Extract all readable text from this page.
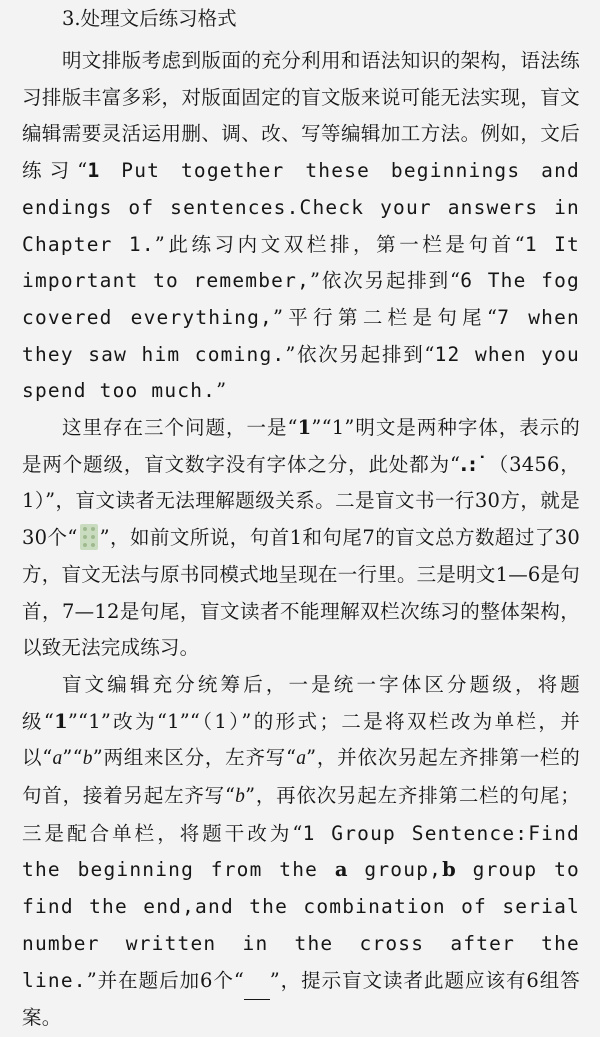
3.处理文后练习格式

明文排版考虑到版面的充分利用和语法知识的架构，语法练习排版丰富多彩，对版面固定的盲文版来说可能无法实现，盲文编辑需要灵活运用删、调、改、写等编辑加工方法。例如，文后练习“1 Put together these beginnings and endings of sentences.Check your answers in Chapter 1.”此练习内文双栏排，第一栏是句首“1 It important to remember,”依次另起排到“6 The fog covered everything,”平行第二栏是句尾“7 when they saw him coming.”依次另起排到“12 when you spend too much.”

这里存在三个问题，一是“1”“1”明文是两种字体，表示的是两个题级，盲文数字没有字体之分，此处都为“.:˙（3456，1）”，盲文读者无法理解题级关系。二是盲文书一行30方，就是30个“ ”，如前文所说，句首1和句尾7的盲文总方数超过了30方，盲文无法与原书同模式地呈现在一行里。三是明文1—6是句首，7—12是句尾，盲文读者不能理解双栏次练习的整体架构，以致无法完成练习。

盲文编辑充分统筹后，一是统一字体区分题级，将题级“1”“1”改为“1”“（1）”的形式；二是将双栏改为单栏，并以“a”“b”两组来区分，左齐写“a”，并依次另起左齐排第一栏的句首，接着另起左齐写“b”，再依次另起左齐排第二栏的句尾；三是配合单栏，将题干改为“1 Group Sentence:Find the beginning from the a group,b group to find the end,and the combination of serial number written in the cross after the line.”并在题后加6个“ ”，提示盲文读者此题应该有6组答案。
